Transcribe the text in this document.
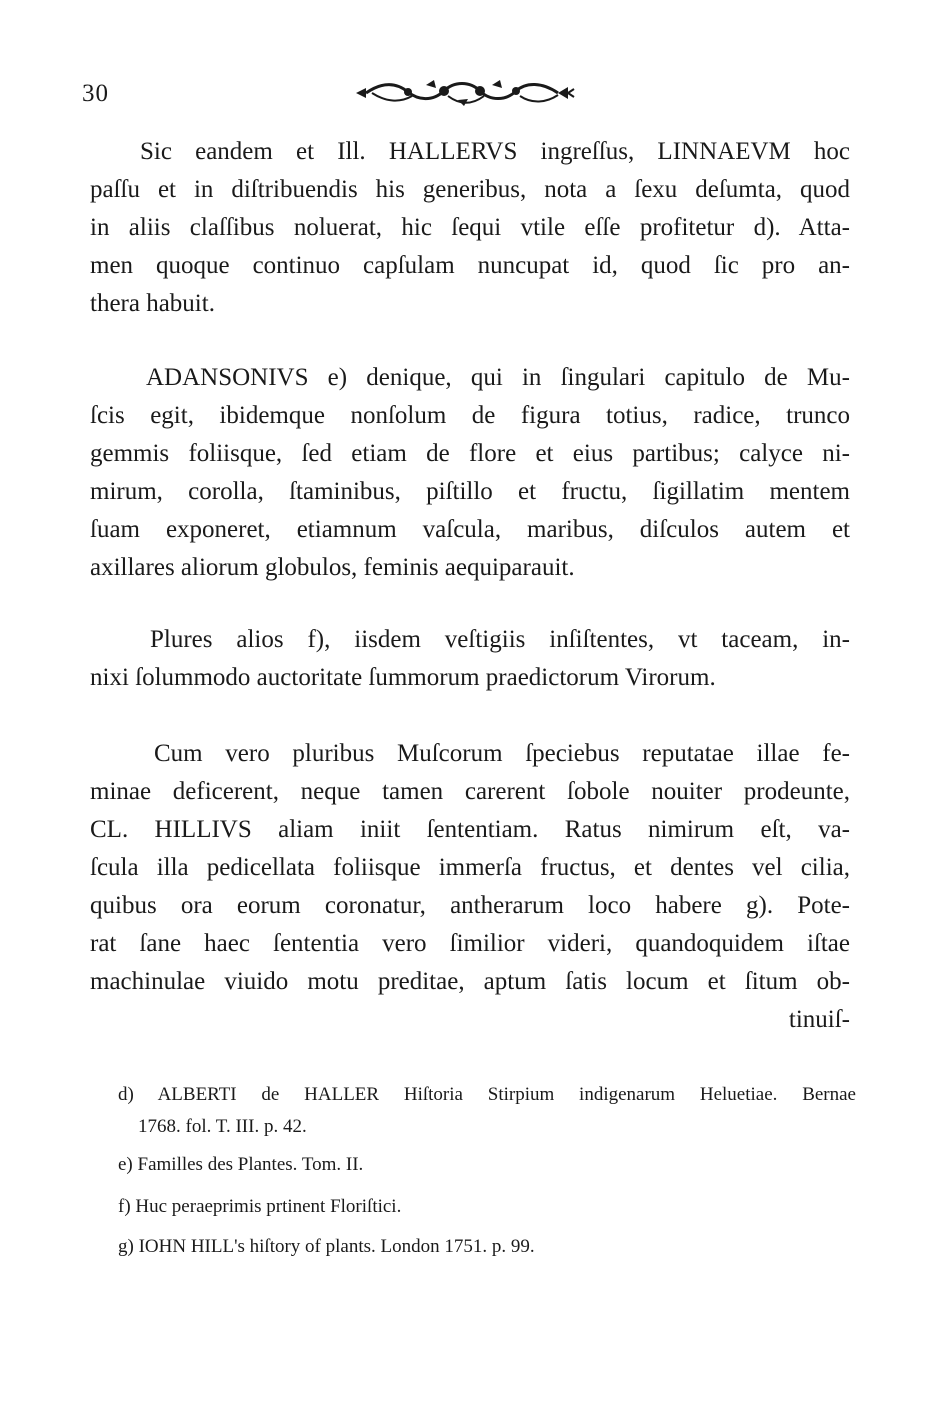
30
Sic eandem et Ill. HALLERVS ingreſſus, LINNAEVM hoc
paſſu et in diſtribuendis his generibus, nota a ſexu deſumta, quod
in aliis claſſibus noluerat, hic ſequi vtile eſſe profitetur d). Atta-
men quoque continuo capſulam nuncupat id, quod ſic pro an-
thera habuit.
ADANSONIVS e) denique, qui in ſingulari capitulo de Mu-
ſcis egit, ibidemque nonſolum de figura totius, radice, trunco
gemmis foliisque, ſed etiam de flore et eius partibus; calyce ni-
mirum, corolla, ſtaminibus, piſtillo et fructu, ſigillatim mentem
ſuam exponeret, etiamnum vaſcula, maribus, diſculos autem et
axillares aliorum globulos, feminis aequiparauit.
Plures alios f), iisdem veſtigiis inſiſtentes, vt taceam, in-
nixi ſolummodo auctoritate ſummorum praedictorum Virorum.
Cum vero pluribus Muſcorum ſpeciebus reputatae illae fe-
minae deficerent, neque tamen carerent ſobole nouiter prodeunte,
CL. HILLIVS aliam iniit ſententiam. Ratus nimirum eſt, va-
ſcula illa pedicellata foliisque immerſa fructus, et dentes vel cilia,
quibus ora eorum coronatur, antherarum loco habere g). Pote-
rat ſane haec ſententia vero ſimilior videri, quandoquidem iſtae
machinulae viuido motu preditae, aptum ſatis locum et ſitum ob-
tinuiſ-
d) ALBERTI de HALLER Hiſtoria Stirpium indigenarum Heluetiae. Bernae
1768. fol. T. III. p. 42.
e) Familles des Plantes. Tom. II.
f) Huc peraeprimis prtinent Floriſtici.
g) IOHN HILL's hiſtory of plants. London 1751. p. 99.
